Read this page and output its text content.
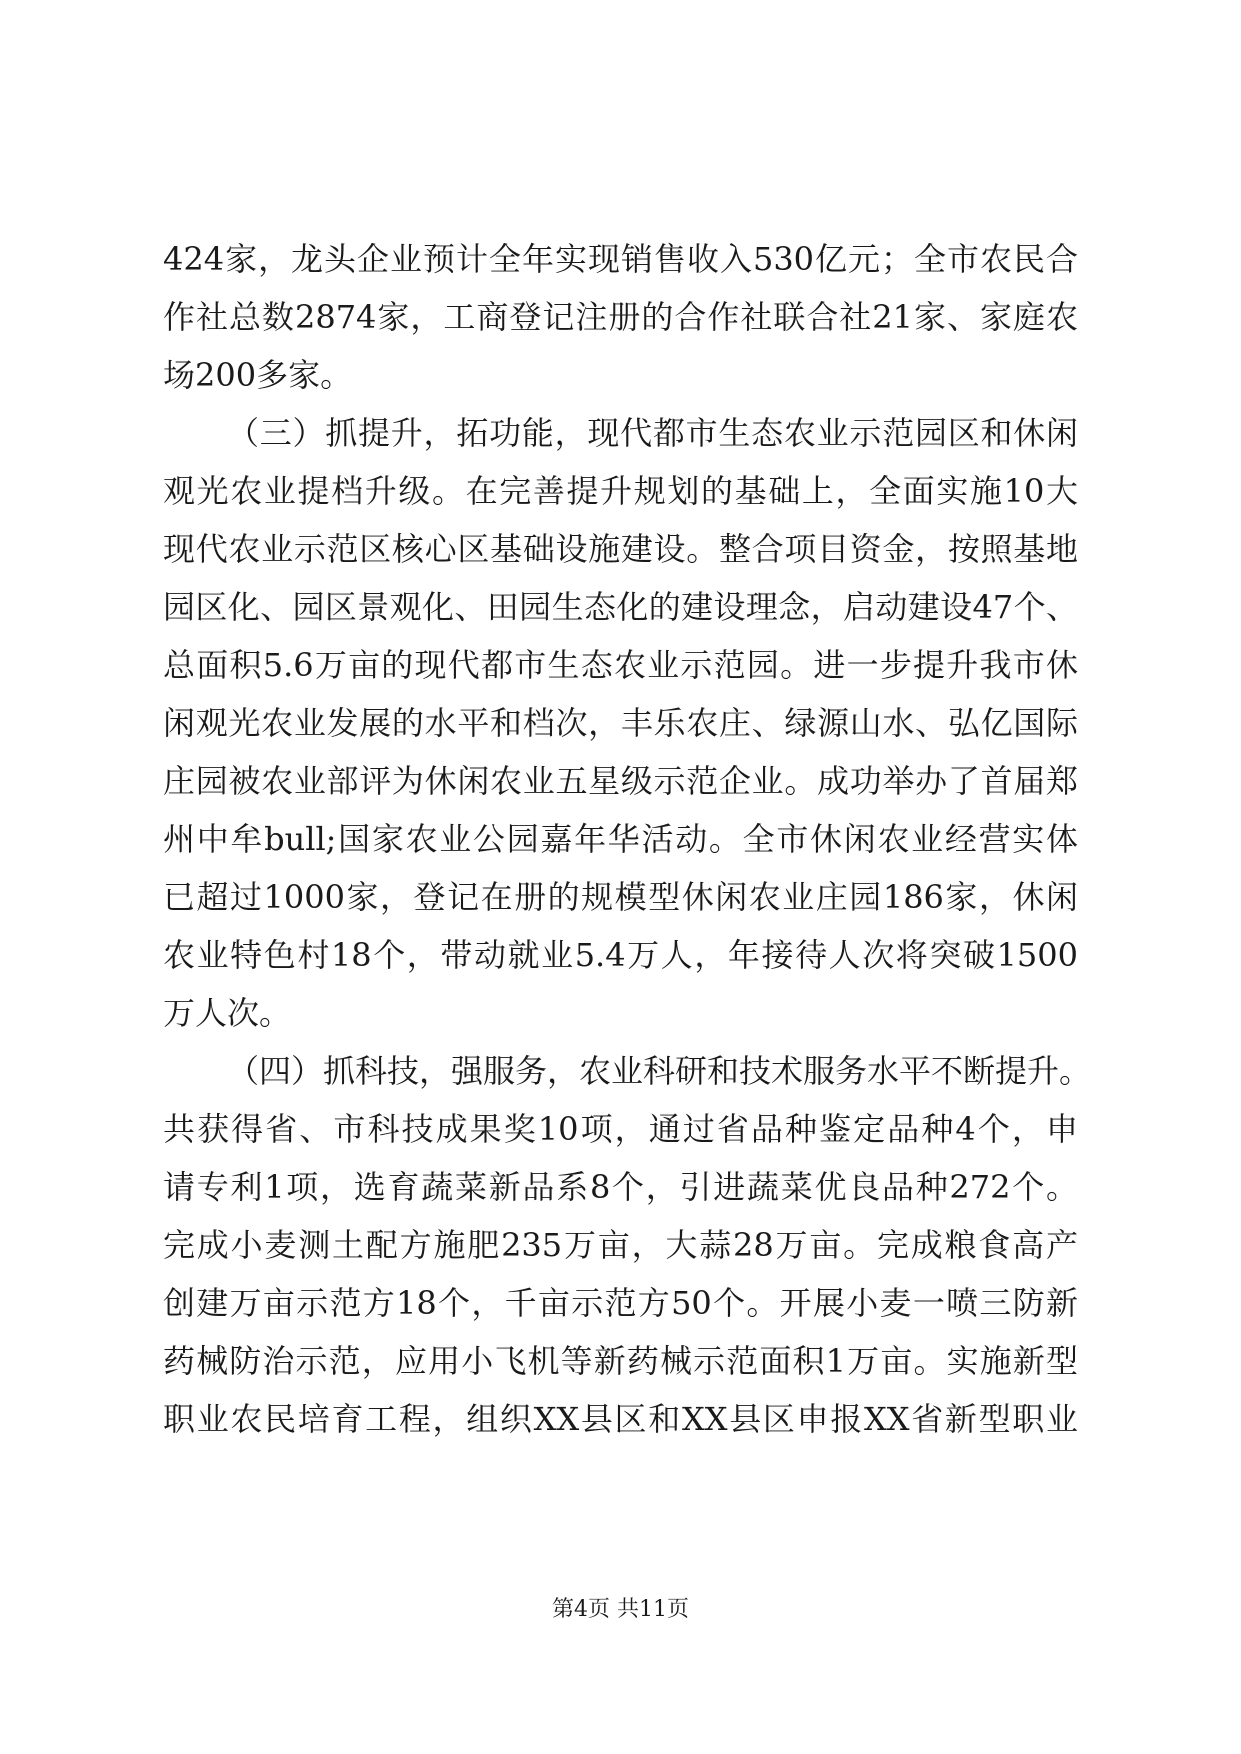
424家，龙头企业预计全年实现销售收入530亿元；全市农民合
作社总数2874家，工商登记注册的合作社联合社21家、家庭农
场200多家。
（三）抓提升，拓功能，现代都市生态农业示范园区和休闲
观光农业提档升级。在完善提升规划的基础上，全面实施10大
现代农业示范区核心区基础设施建设。整合项目资金，按照基地
园区化、园区景观化、田园生态化的建设理念，启动建设47个、
总面积5.6万亩的现代都市生态农业示范园。进一步提升我市休
闲观光农业发展的水平和档次，丰乐农庄、绿源山水、弘亿国际
庄园被农业部评为休闲农业五星级示范企业。成功举办了首届郑
州中牟bull;国家农业公园嘉年华活动。全市休闲农业经营实体
已超过1000家，登记在册的规模型休闲农业庄园186家，休闲
农业特色村18个，带动就业5.4万人，年接待人次将突破1500
万人次。
（四）抓科技，强服务，农业科研和技术服务水平不断提升。
共获得省、市科技成果奖10项，通过省品种鉴定品种4个，申
请专利1项，选育蔬菜新品系8个，引进蔬菜优良品种272个。
完成小麦测土配方施肥235万亩，大蒜28万亩。完成粮食高产
创建万亩示范方18个，千亩示范方50个。开展小麦一喷三防新
药械防治示范，应用小飞机等新药械示范面积1万亩。实施新型
职业农民培育工程，组织XX县区和XX县区申报XX省新型职业
第4页 共11页
